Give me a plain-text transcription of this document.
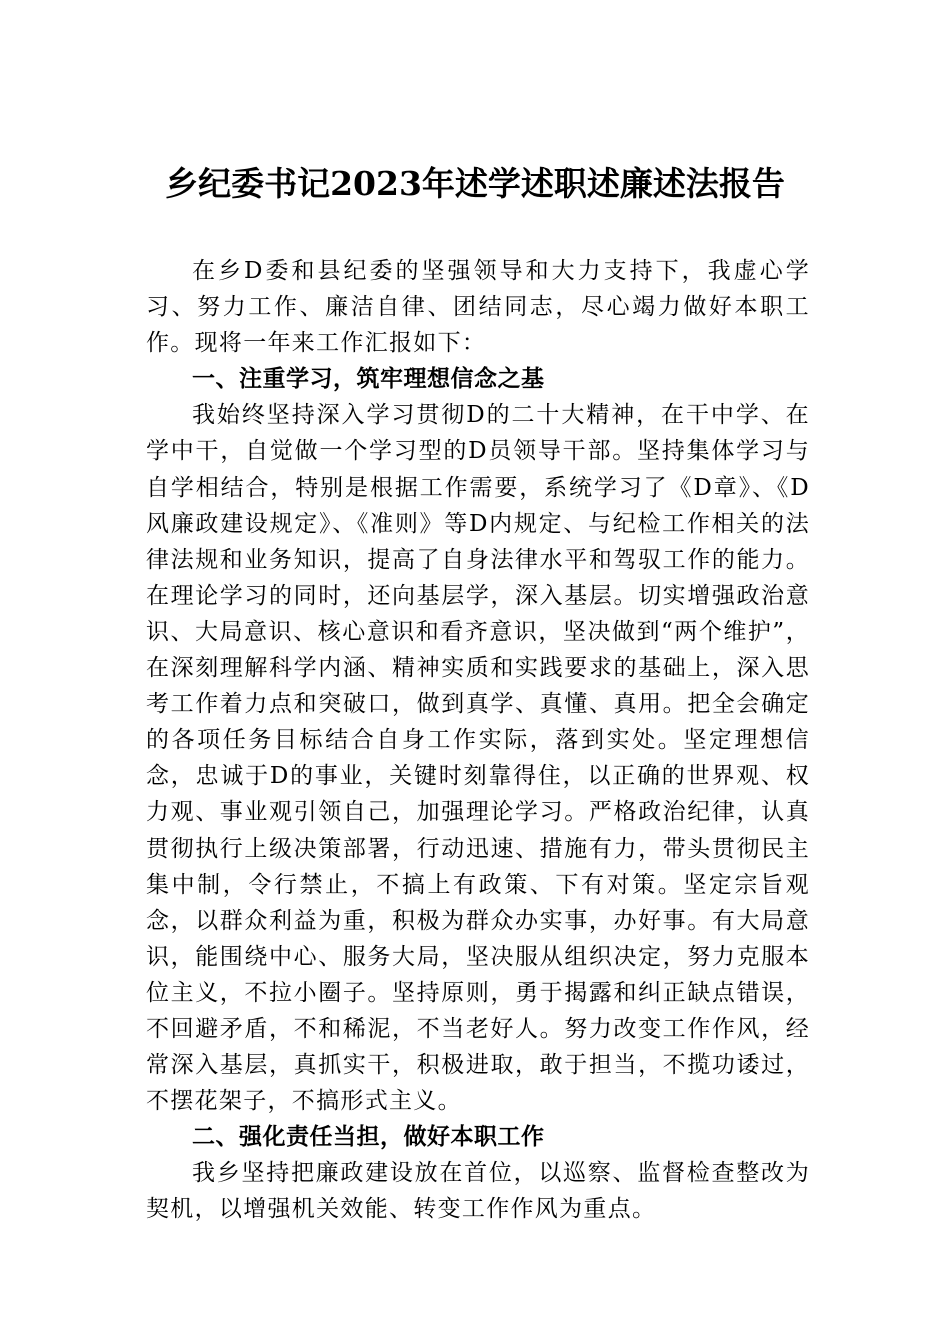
乡纪委书记2023年述学述职述廉述法报告

在乡D委和县纪委的坚强领导和大力支持下，我虚心学习、努力工作、廉洁自律、团结同志，尽心竭力做好本职工作。现将一年来工作汇报如下：

一、注重学习，筑牢理想信念之基

我始终坚持深入学习贯彻D的二十大精神，在干中学、在学中干，自觉做一个学习型的D员领导干部。坚持集体学习与自学相结合，特别是根据工作需要，系统学习了《D章》、《D风廉政建设规定》、《准则》等D内规定、与纪检工作相关的法律法规和业务知识，提高了自身法律水平和驾驭工作的能力。在理论学习的同时，还向基层学，深入基层。切实增强政治意识、大局意识、核心意识和看齐意识，坚决做到“两个维护”，在深刻理解科学内涵、精神实质和实践要求的基础上，深入思考工作着力点和突破口，做到真学、真懂、真用。把全会确定的各项任务目标结合自身工作实际，落到实处。坚定理想信念，忠诚于D的事业，关键时刻靠得住，以正确的世界观、权力观、事业观引领自己，加强理论学习。严格政治纪律，认真贯彻执行上级决策部署，行动迅速、措施有力，带头贯彻民主集中制，令行禁止，不搞上有政策、下有对策。坚定宗旨观念，以群众利益为重，积极为群众办实事，办好事。有大局意识，能围绕中心、服务大局，坚决服从组织决定，努力克服本位主义，不拉小圈子。坚持原则，勇于揭露和纠正缺点错误，不回避矛盾，不和稀泥，不当老好人。努力改变工作作风，经常深入基层，真抓实干，积极进取，敢于担当，不揽功诿过，不摆花架子，不搞形式主义。

二、强化责任当担，做好本职工作

我乡坚持把廉政建设放在首位，以巡察、监督检查整改为契机，以增强机关效能、转变工作作风为重点。
